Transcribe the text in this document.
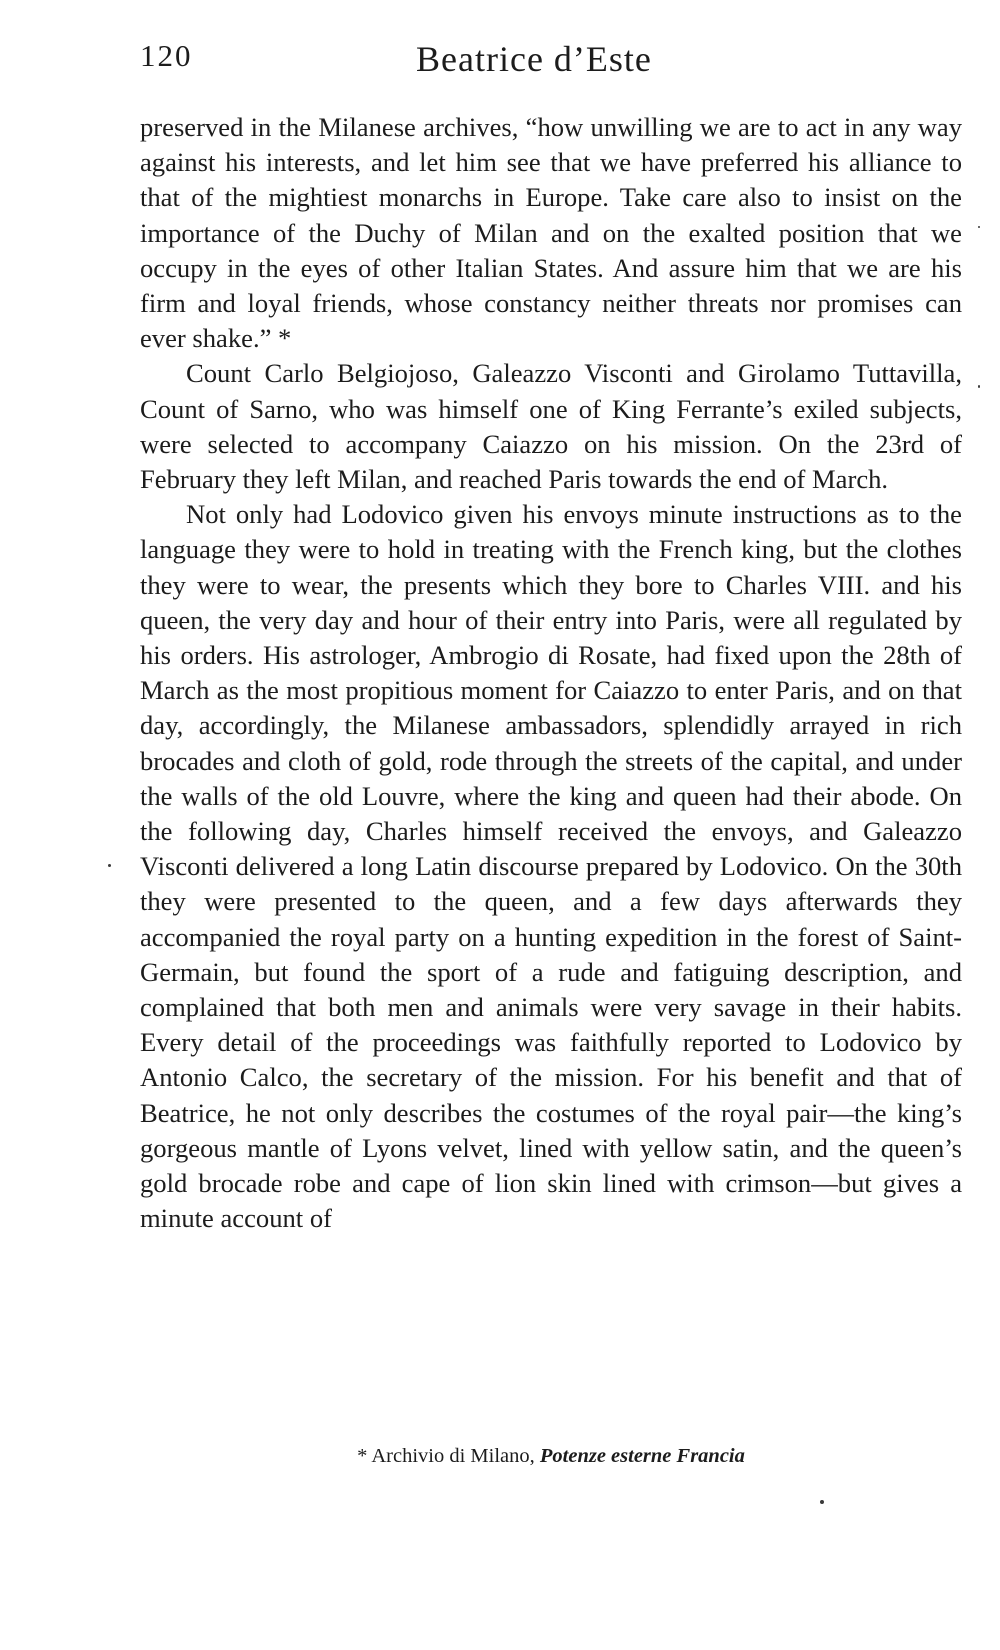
120	Beatrice d’Este

preserved in the Milanese archives, “how unwilling we are to act in any way against his interests, and let him see that we have preferred his alliance to that of the mightiest monarchs in Europe. Take care also to insist on the importance of the Duchy of Milan and on the exalted position that we occupy in the eyes of other Italian States. And assure him that we are his firm and loyal friends, whose constancy neither threats nor promises can ever shake.” *

Count Carlo Belgiojoso, Galeazzo Visconti and Girolamo Tuttavilla, Count of Sarno, who was himself one of King Ferrante’s exiled subjects, were selected to accompany Caiazzo on his mission. On the 23rd of February they left Milan, and reached Paris towards the end of March.

Not only had Lodovico given his envoys minute instructions as to the language they were to hold in treating with the French king, but the clothes they were to wear, the presents which they bore to Charles VIII. and his queen, the very day and hour of their entry into Paris, were all regulated by his orders. His astrologer, Ambrogio di Rosate, had fixed upon the 28th of March as the most propitious moment for Caiazzo to enter Paris, and on that day, accordingly, the Milanese ambassadors, splendidly arrayed in rich brocades and cloth of gold, rode through the streets of the capital, and under the walls of the old Louvre, where the king and queen had their abode. On the following day, Charles himself received the envoys, and Galeazzo Visconti delivered a long Latin discourse prepared by Lodovico. On the 30th they were presented to the queen, and a few days afterwards they accompanied the royal party on a hunting expedition in the forest of Saint-Germain, but found the sport of a rude and fatiguing description, and complained that both men and animals were very savage in their habits. Every detail of the proceedings was faithfully reported to Lodovico by Antonio Calco, the secretary of the mission. For his benefit and that of Beatrice, he not only describes the costumes of the royal pair—the king’s gorgeous mantle of Lyons velvet, lined with yellow satin, and the queen’s gold brocade robe and cape of lion skin lined with crimson—but gives a minute account of

* Archivio di Milano, Potenze esterne Francia
